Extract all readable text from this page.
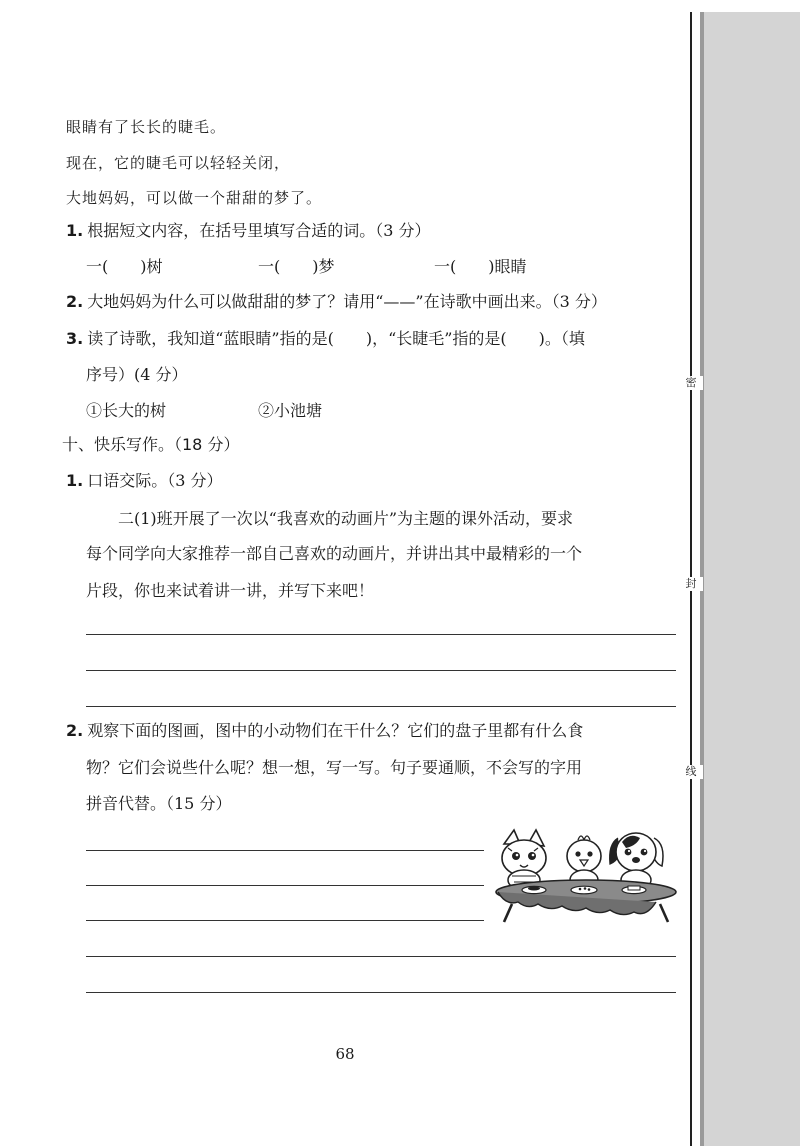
密
封
线
眼睛有了长长的睫毛。
现在，它的睫毛可以轻轻关闭，
大地妈妈，可以做一个甜甜的梦了。
1. 根据短文内容，在括号里填写合适的词。（3 分）
一(　　)树	一(　　)梦	一(　　)眼睛
2. 大地妈妈为什么可以做甜甜的梦了？请用“——”在诗歌中画出来。（3 分）
3. 读了诗歌，我知道“蓝眼睛”指的是(　　)，“长睫毛”指的是(　　)。（填
序号）(4 分）
①长大的树	②小池塘
十、快乐写作。（18 分）
1. 口语交际。（3 分）
二(1)班开展了一次以“我喜欢的动画片”为主题的课外活动，要求
每个同学向大家推荐一部自己喜欢的动画片，并讲出其中最精彩的一个
片段，你也来试着讲一讲，并写下来吧！
2. 观察下面的图画，图中的小动物们在干什么？它们的盘子里都有什么食
物？它们会说些什么呢？想一想，写一写。句子要通顺，不会写的字用
拼音代替。（15 分）
68
